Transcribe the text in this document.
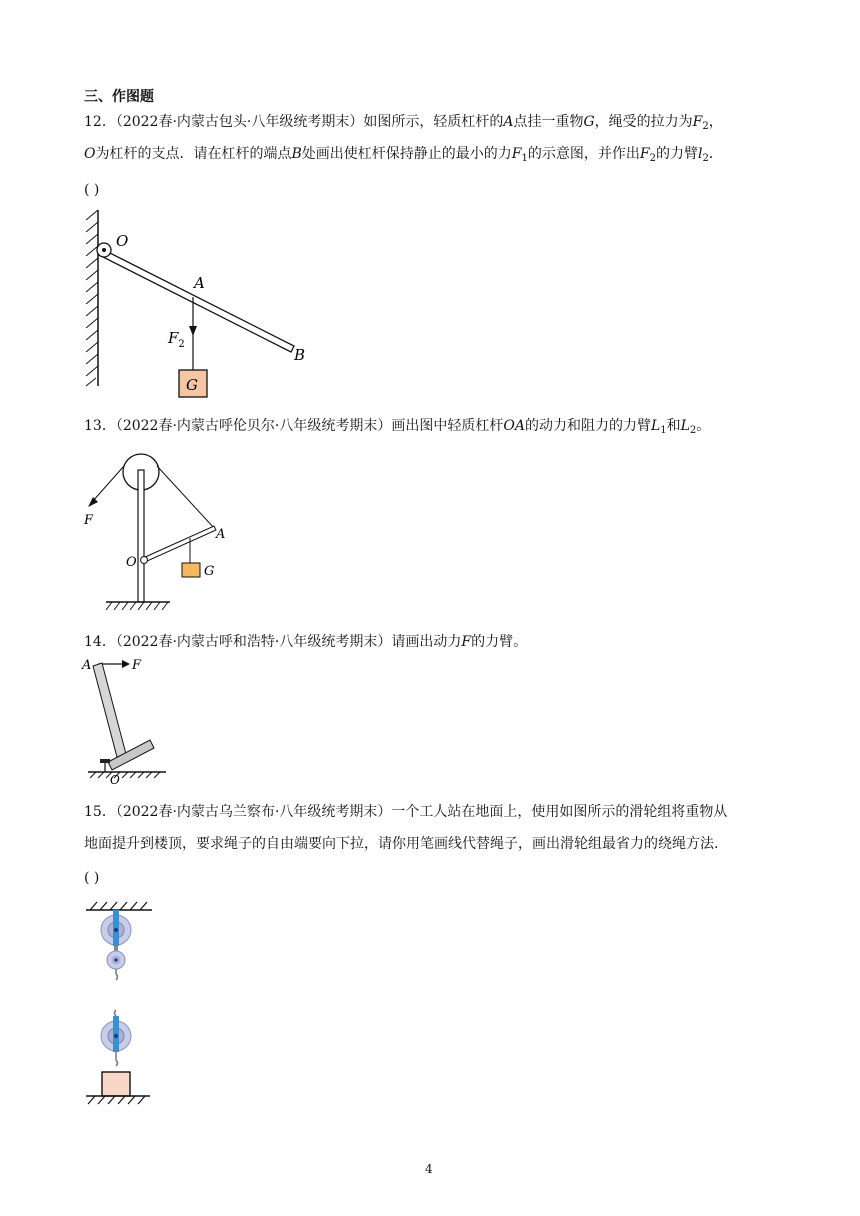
三、作图题
12．（2022春·内蒙古包头·八年级统考期末）如图所示，轻质杠杆的A点挂一重物G，绳受的拉力为$F_2$，
O为杠杆的支点．请在杠杆的端点B处画出使杠杆保持静止的最小的力$F_1$的示意图，并作出$F_2$的力臂$l_2$．
( )
O
A
B
$F_2$
G
13．（2022春·内蒙古呼伦贝尔·八年级统考期末）画出图中轻质杠杆OA的动力和阻力的力臂$L_1$和$L_2$。
F
O
A
G
14．（2022春·内蒙古呼和浩特·八年级统考期末）请画出动力F的力臂。
A	F
O
15．（2022春·内蒙古乌兰察布·八年级统考期末）一个工人站在地面上，使用如图所示的滑轮组将重物从
地面提升到楼顶，要求绳子的自由端要向下拉，请你用笔画线代替绳子，画出滑轮组最省力的绕绳方法.
( )
4
